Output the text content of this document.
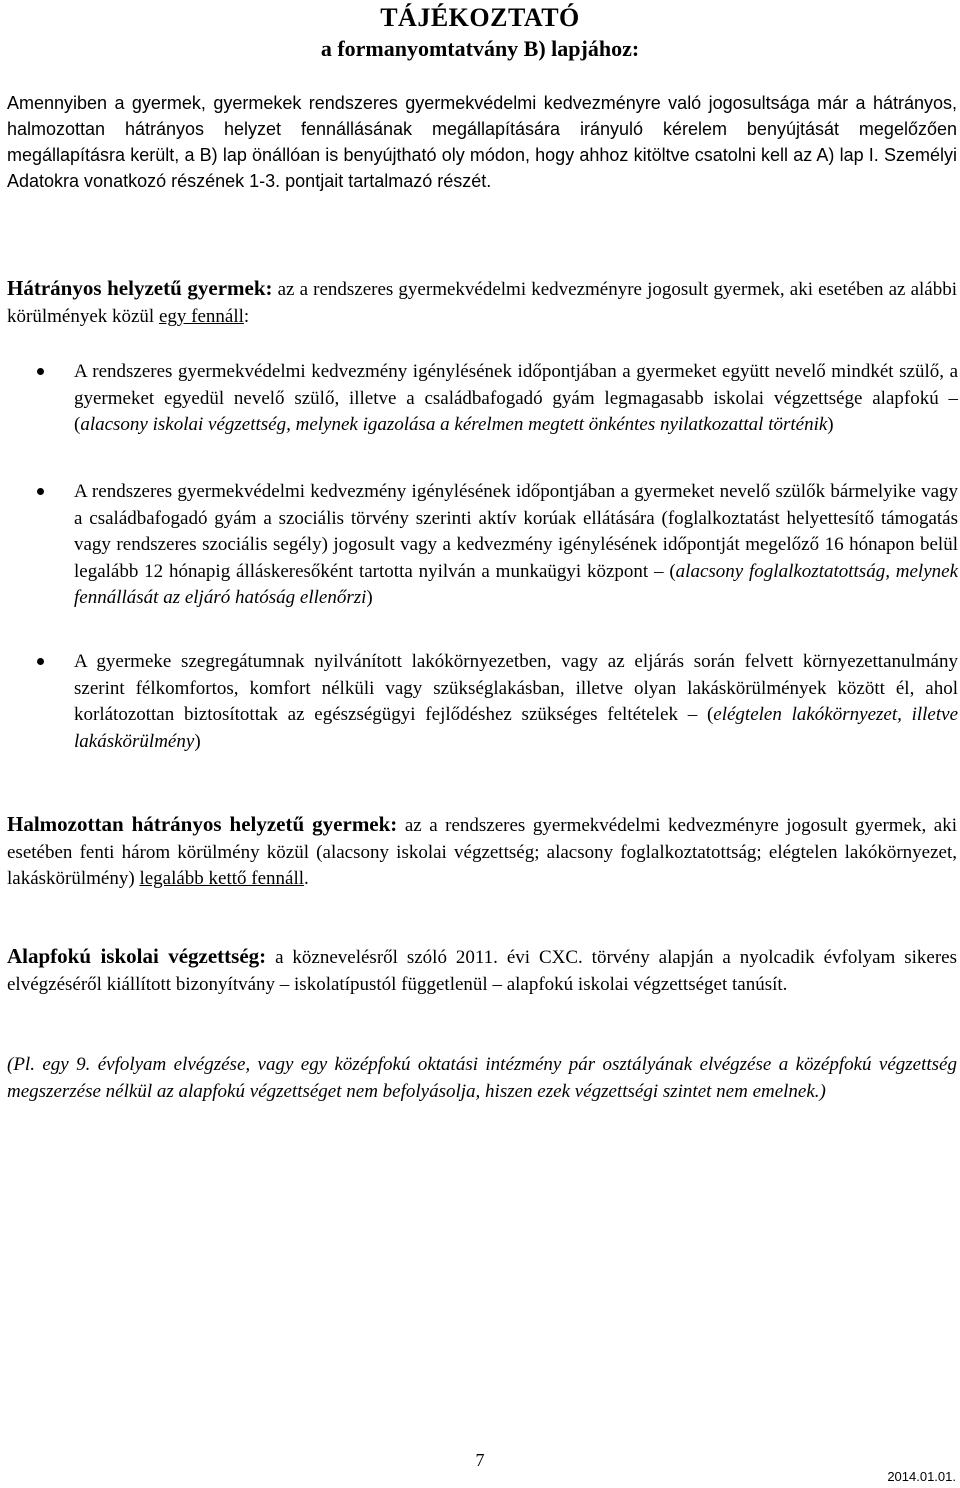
TÁJÉKOZTATÓ
a formanyomtatvány B) lapjához:

Amennyiben a gyermek, gyermekek rendszeres gyermekvédelmi kedvezményre való jogosultsága már a hátrányos, halmozottan hátrányos helyzet fennállásának megállapítására irányuló kérelem benyújtását megelőzően megállapításra került, a B) lap önállóan is benyújtható oly módon, hogy ahhoz kitöltve csatolni kell az A) lap I. Személyi Adatokra vonatkozó részének 1-3. pontjait tartalmazó részét.

Hátrányos helyzetű gyermek: az a rendszeres gyermekvédelmi kedvezményre jogosult gyermek, aki esetében az alábbi körülmények közül egy fennáll:

A rendszeres gyermekvédelmi kedvezmény igénylésének időpontjában a gyermeket együtt nevelő mindkét szülő, a gyermeket egyedül nevelő szülő, illetve a családbafogadó gyám legmagasabb iskolai végzettsége alapfokú – (alacsony iskolai végzettség, melynek igazolása a kérelmen megtett önkéntes nyilatkozattal történik)

A rendszeres gyermekvédelmi kedvezmény igénylésének időpontjában a gyermeket nevelő szülők bármelyike vagy a családbafogadó gyám a szociális törvény szerinti aktív korúak ellátására (foglalkoztatást helyettesítő támogatás vagy rendszeres szociális segély) jogosult vagy a kedvezmény igénylésének időpontját megelőző 16 hónapon belül legalább 12 hónapig álláskeresőként tartotta nyilván a munkaügyi központ – (alacsony foglalkoztatottság, melynek fennállását az eljáró hatóság ellenőrzi)

A gyermeke szegregátumnak nyilvánított lakókörnyezetben, vagy az eljárás során felvett környezettanulmány szerint félkomfortos, komfort nélküli vagy szükséglakásban, illetve olyan lakáskörülmények között él, ahol korlátozottan biztosítottak az egészségügyi fejlődéshez szükséges feltételek – (elégtelen lakókörnyezet, illetve lakáskörülmény)

Halmozottan hátrányos helyzetű gyermek: az a rendszeres gyermekvédelmi kedvezményre jogosult gyermek, aki esetében fenti három körülmény közül (alacsony iskolai végzettség; alacsony foglalkoztatottság; elégtelen lakókörnyezet, lakáskörülmény) legalább kettő fennáll.

Alapfokú iskolai végzettség: a köznevelésről szóló 2011. évi CXC. törvény alapján a nyolcadik évfolyam sikeres elvégzéséről kiállított bizonyítvány – iskolatípustól függetlenül – alapfokú iskolai végzettséget tanúsít.

(Pl. egy 9. évfolyam elvégzése, vagy egy középfokú oktatási intézmény pár osztályának elvégzése a középfokú végzettség megszerzése nélkül az alapfokú végzettséget nem befolyásolja, hiszen ezek végzettségi szintet nem emelnek.)

7
2014.01.01.
